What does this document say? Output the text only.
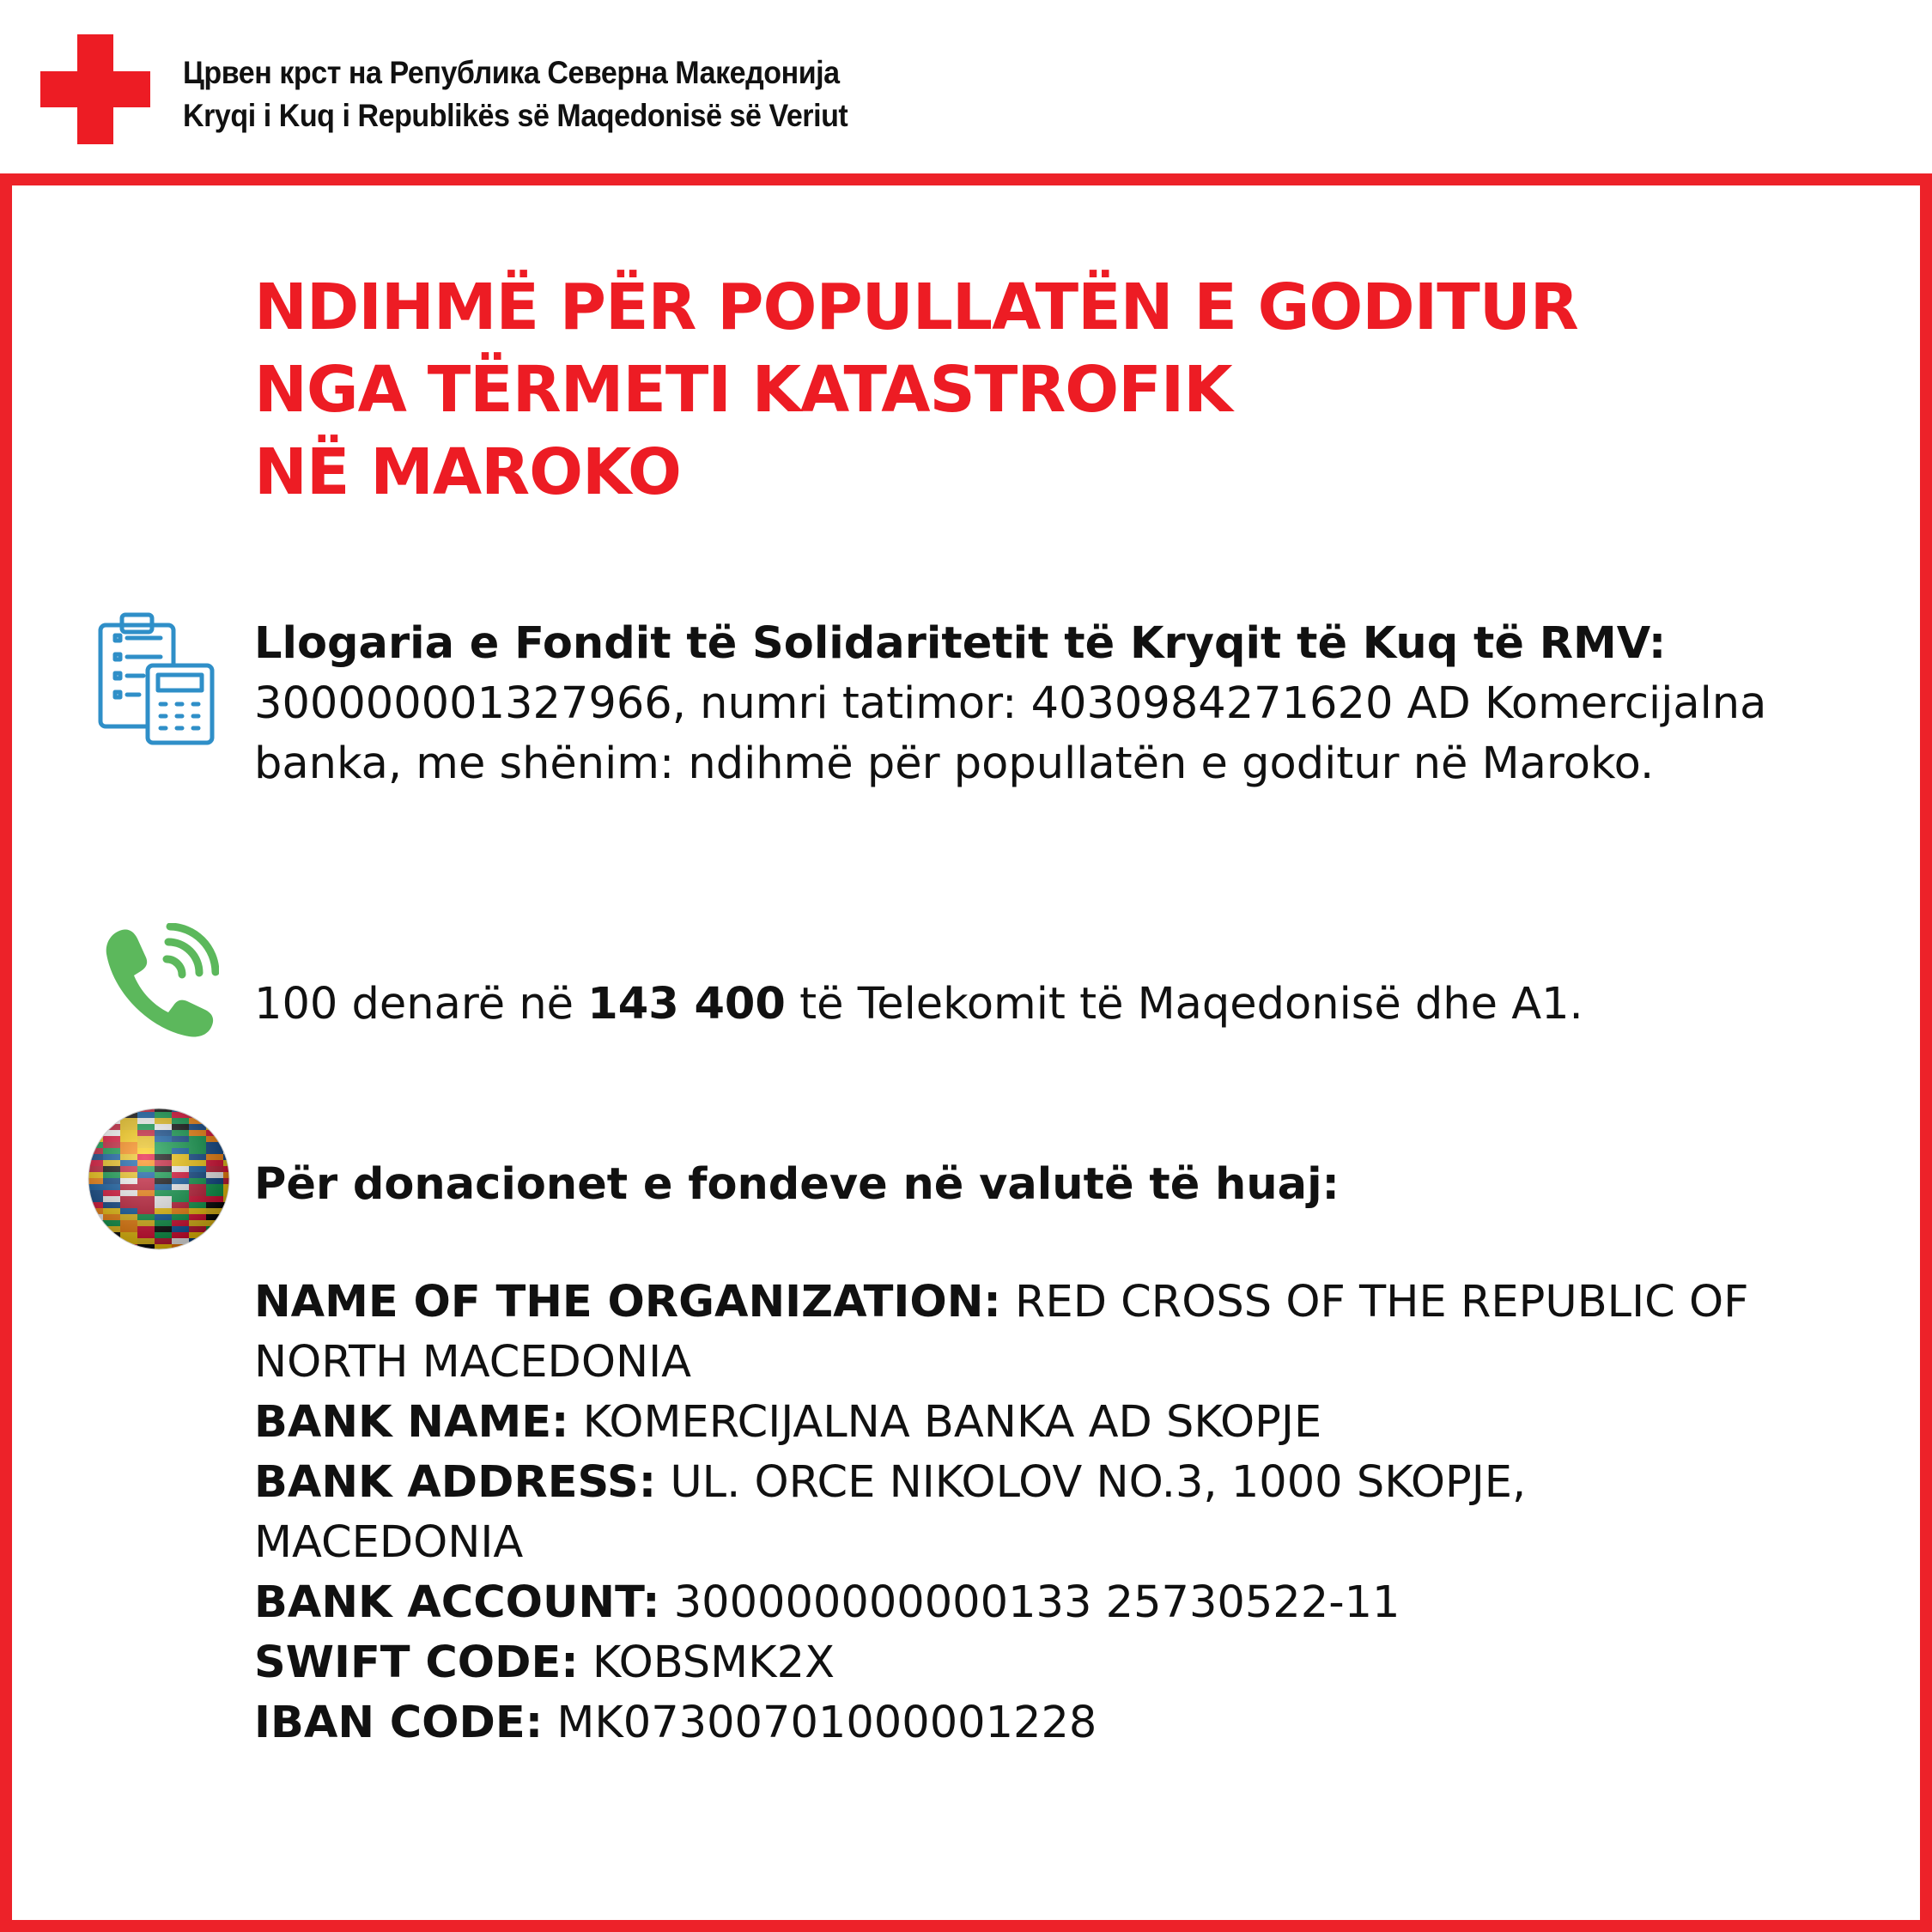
Црвен крст на Република Северна Македонија
Kryqi i Kuq i Republikës së Maqedonisë së Veriut
NDIHMË PËR POPULLATËN E GODITUR
NGA TËRMETI KATASTROFIK
NË MAROKO
Llogaria e Fondit të Solidaritetit të Kryqit të Kuq të RMV:
300000001327966, numri tatimor: 4030984271620 AD Komercijalna banka, me shënim: ndihmë për popullatën e goditur në Maroko.
100 denarë në 143 400 të Telekomit të Maqedonisë dhe A1.
Për donacionet e fondeve në valutë të huaj:
NAME OF THE ORGANIZATION: RED CROSS OF THE REPUBLIC OF NORTH MACEDONIA
BANK NAME: KOMERCIJALNA BANKA AD SKOPJE
BANK ADDRESS: UL. ORCE NIKOLOV NO.3, 1000 SKOPJE, MACEDONIA
BANK ACCOUNT: 300000000000133 25730522-11
SWIFT CODE: KOBSMK2X
IBAN CODE: MK07300701000001228
